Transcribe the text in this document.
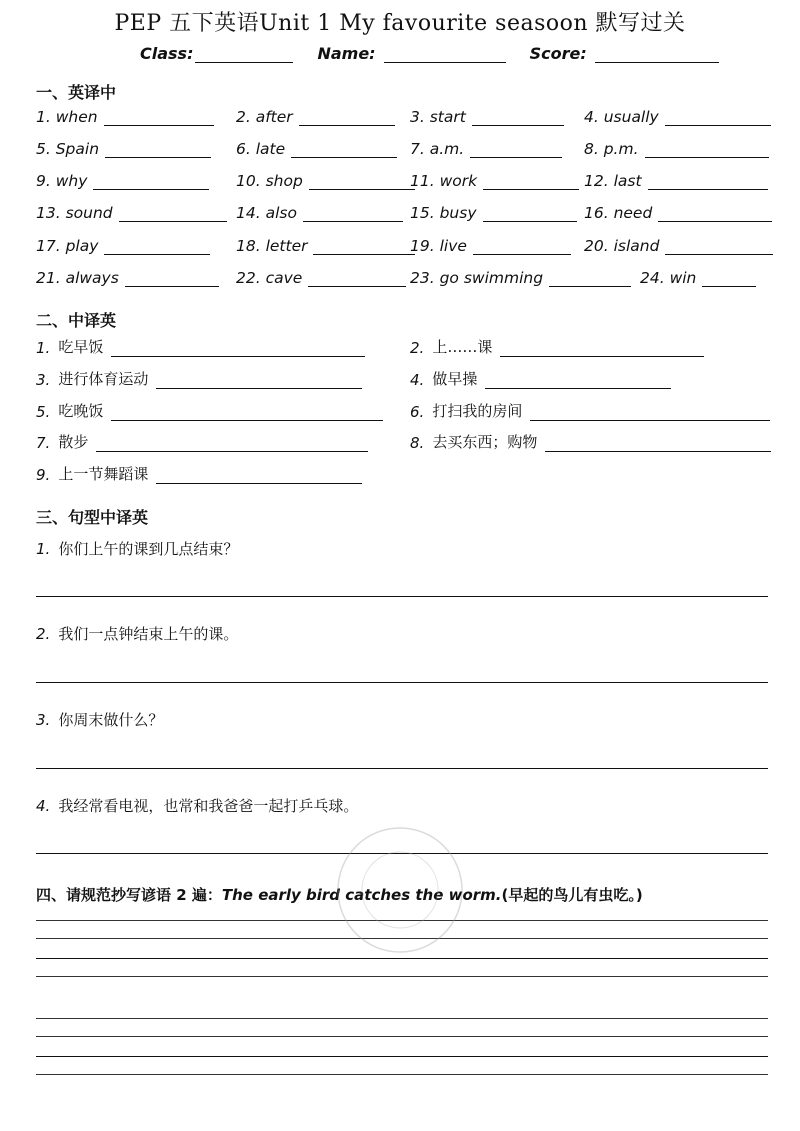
PEP 五下英语Unit 1 My favourite seasoon 默写过关
Class:	Name:	Score:
一、英译中
1. when	2. after	3. start	4. usually
5. Spain	6. late	7. a.m.	8. p.m.
9. why	10. shop	11. work	12. last
13. sound	14. also	15. busy	16. need
17. play	18. letter	19. live	20. island
21. always	22. cave	23. go swimming	24. win
二、中译英
1. 吃早饭	2. 上……课
3. 进行体育运动	4. 做早操
5. 吃晚饭	6. 打扫我的房间
7. 散步	8. 去买东西；购物
9. 上一节舞蹈课
三、句型中译英
1. 你们上午的课到几点结束？
2. 我们一点钟结束上午的课。
3. 你周末做什么？
4. 我经常看电视，也常和我爸爸一起打乒乓球。
四、请规范抄写谚语 2 遍：The early bird catches the worm.(早起的鸟儿有虫吃。)
